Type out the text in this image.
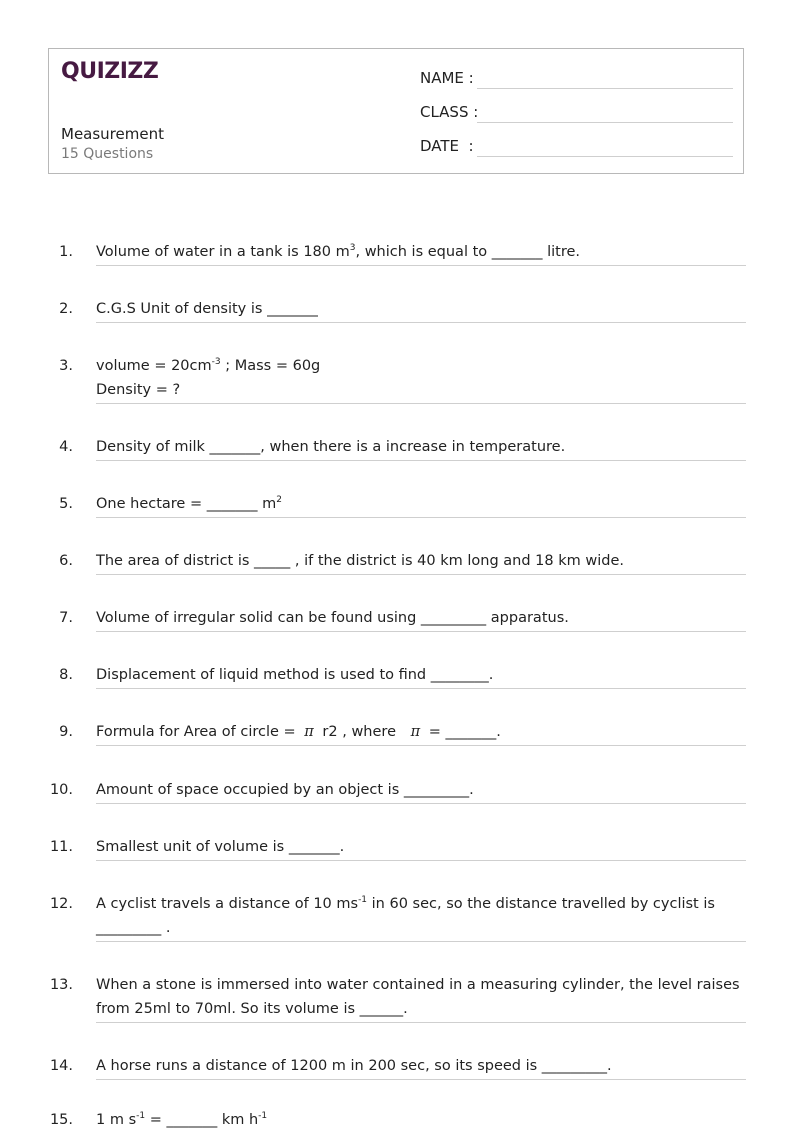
QUIZIZZ
Measurement
15 Questions
NAME :
CLASS :
DATE  :
1. Volume of water in a tank is 180 $m^3$, which is equal to _______ litre.
2. C.G.S Unit of density is _______
3. volume = $20cm^{-3}$ ; Mass = 60g
Density = ?
4. Density of milk _______, when there is a increase in temperature.
5. One hectare = _______ $m^2$
6. The area of district is _____ , if the district is 40 km long and 18 km wide.
7. Volume of irregular solid can be found using _________ apparatus.
8. Displacement of liquid method is used to find ________.
9. Formula for Area of circle = π r2 , where π = _______.
10. Amount of space occupied by an object is _________.
11. Smallest unit of volume is _______.
12. A cyclist travels a distance of 10 $ms^{-1}$ in 60 sec, so the distance travelled by cyclist is
_________ .
13. When a stone is immersed into water contained in a measuring cylinder, the level raises
from 25ml to 70ml. So its volume is ______.
14. A horse runs a distance of 1200 m in 200 sec, so its speed is _________.
15. 1 m $s^{-1}$ = _______ km $h^{-1}$
